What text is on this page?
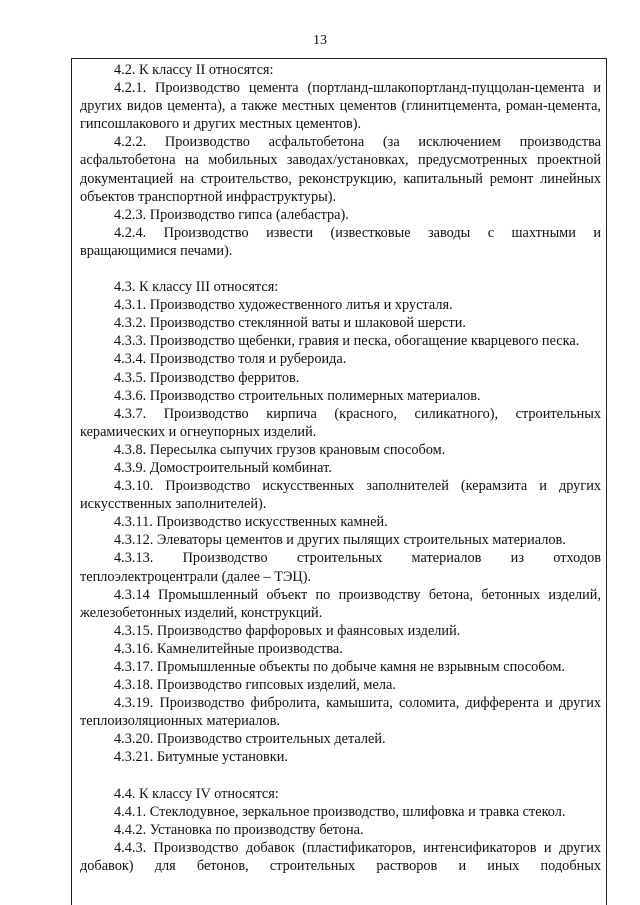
13

4.2. К классу II относятся:

4.2.1. Производство цемента (портланд-шлакопортланд-пуццолан-цемента и других видов цемента), а также местных цементов (глинитцемента, роман-цемента, гипсошлакового и других местных цементов).

4.2.2. Производство асфальтобетона (за исключением производства асфальтобетона на мобильных заводах/установках, предусмотренных проектной документацией на строительство, реконструкцию, капитальный ремонт линейных объектов транспортной инфраструктуры).

4.2.3. Производство гипса (алебастра).

4.2.4. Производство извести (известковые заводы с шахтными и вращающимися печами).

4.3. К классу III относятся:

4.3.1. Производство художественного литья и хрусталя.

4.3.2. Производство стеклянной ваты и шлаковой шерсти.

4.3.3. Производство щебенки, гравия и песка, обогащение кварцевого песка.

4.3.4. Производство толя и рубероида.

4.3.5. Производство ферритов.

4.3.6. Производство строительных полимерных материалов.

4.3.7. Производство кирпича (красного, силикатного), строительных керамических и огнеупорных изделий.

4.3.8. Пересылка сыпучих грузов крановым способом.

4.3.9. Домостроительный комбинат.

4.3.10. Производство искусственных заполнителей (керамзита и других искусственных заполнителей).

4.3.11. Производство искусственных камней.

4.3.12. Элеваторы цементов и других пылящих строительных материалов.

4.3.13. Производство строительных материалов из отходов теплоэлектроцентрали (далее – ТЭЦ).

4.3.14 Промышленный объект по производству бетона, бетонных изделий, железобетонных изделий, конструкций.

4.3.15. Производство фарфоровых и фаянсовых изделий.

4.3.16. Камнелитейные производства.

4.3.17. Промышленные объекты по добыче камня не взрывным способом.

4.3.18. Производство гипсовых изделий, мела.

4.3.19. Производство фибролита, камышита, соломита, дифферента и других теплоизоляционных материалов.

4.3.20. Производство строительных деталей.

4.3.21. Битумные установки.

4.4. К классу IV относятся:

4.4.1. Стеклодувное, зеркальное производство, шлифовка и травка стекол.

4.4.2. Установка по производству бетона.

4.4.3. Производство добавок (пластификаторов, интенсификаторов и других добавок) для бетонов, строительных растворов и иных подобных
